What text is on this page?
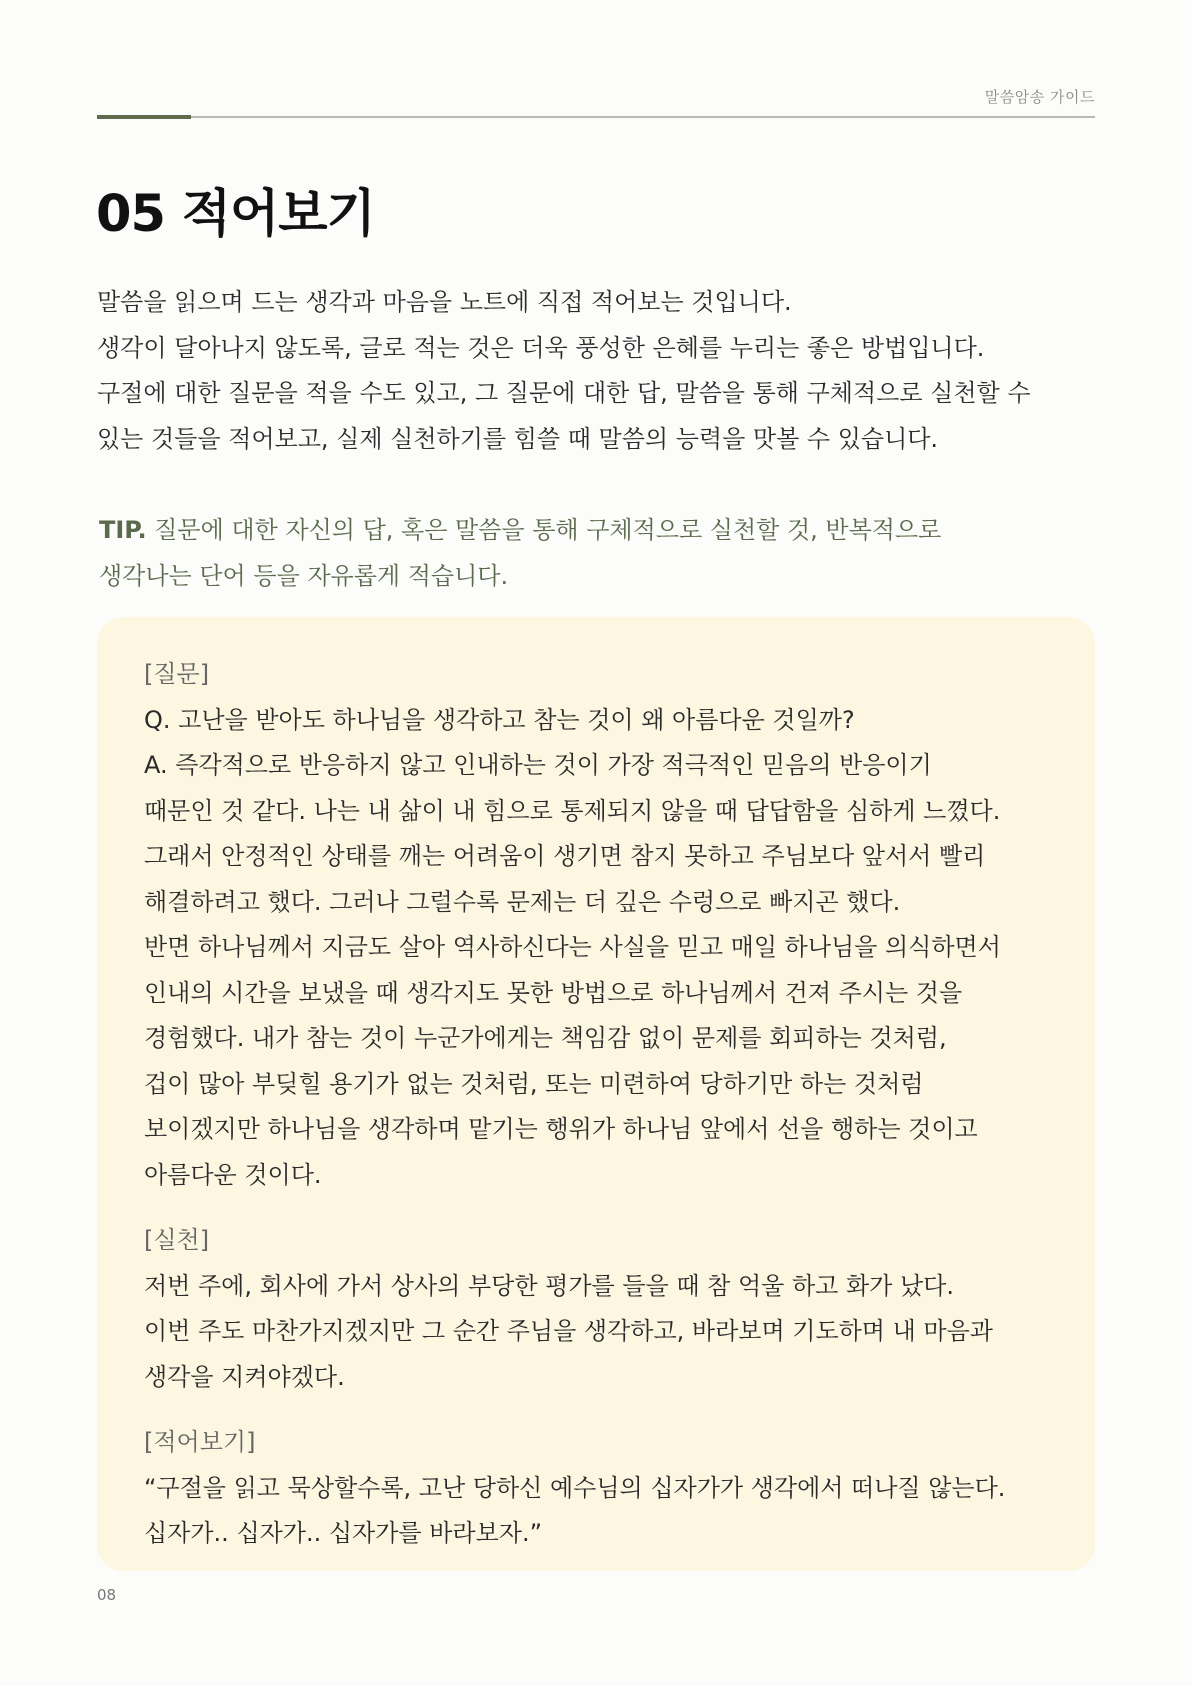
말씀암송 가이드
05 적어보기

말씀을 읽으며 드는 생각과 마음을 노트에 직접 적어보는 것입니다.

생각이 달아나지 않도록, 글로 적는 것은 더욱 풍성한 은혜를 누리는 좋은 방법입니다.

구절에 대한 질문을 적을 수도 있고, 그 질문에 대한 답, 말씀을 통해 구체적으로 실천할 수

있는 것들을 적어보고, 실제 실천하기를 힘쓸 때 말씀의 능력을 맛볼 수 있습니다.

TIP. 질문에 대한 자신의 답, 혹은 말씀을 통해 구체적으로 실천할 것, 반복적으로

생각나는 단어 등을 자유롭게 적습니다.

[질문]

Q. 고난을 받아도 하나님을 생각하고 참는 것이 왜 아름다운 것일까?

A. 즉각적으로 반응하지 않고 인내하는 것이 가장 적극적인 믿음의 반응이기

때문인 것 같다. 나는 내 삶이 내 힘으로 통제되지 않을 때 답답함을 심하게 느꼈다.

그래서 안정적인 상태를 깨는 어려움이 생기면 참지 못하고 주님보다 앞서서 빨리

해결하려고 했다. 그러나 그럴수록 문제는 더 깊은 수렁으로 빠지곤 했다.

반면 하나님께서 지금도 살아 역사하신다는 사실을 믿고 매일 하나님을 의식하면서

인내의 시간을 보냈을 때 생각지도 못한 방법으로 하나님께서 건져 주시는 것을

경험했다. 내가 참는 것이 누군가에게는 책임감 없이 문제를 회피하는 것처럼,

겁이 많아 부딪힐 용기가 없는 것처럼, 또는 미련하여 당하기만 하는 것처럼

보이겠지만 하나님을 생각하며 맡기는 행위가 하나님 앞에서 선을 행하는 것이고

아름다운 것이다.

[실천]

저번 주에, 회사에 가서 상사의 부당한 평가를 들을 때 참 억울 하고 화가 났다.

이번 주도 마찬가지겠지만 그 순간 주님을 생각하고, 바라보며 기도하며 내 마음과

생각을 지켜야겠다.

[적어보기]

“구절을 읽고 묵상할수록, 고난 당하신 예수님의 십자가가 생각에서 떠나질 않는다.

십자가.. 십자가.. 십자가를 바라보자.”

08
